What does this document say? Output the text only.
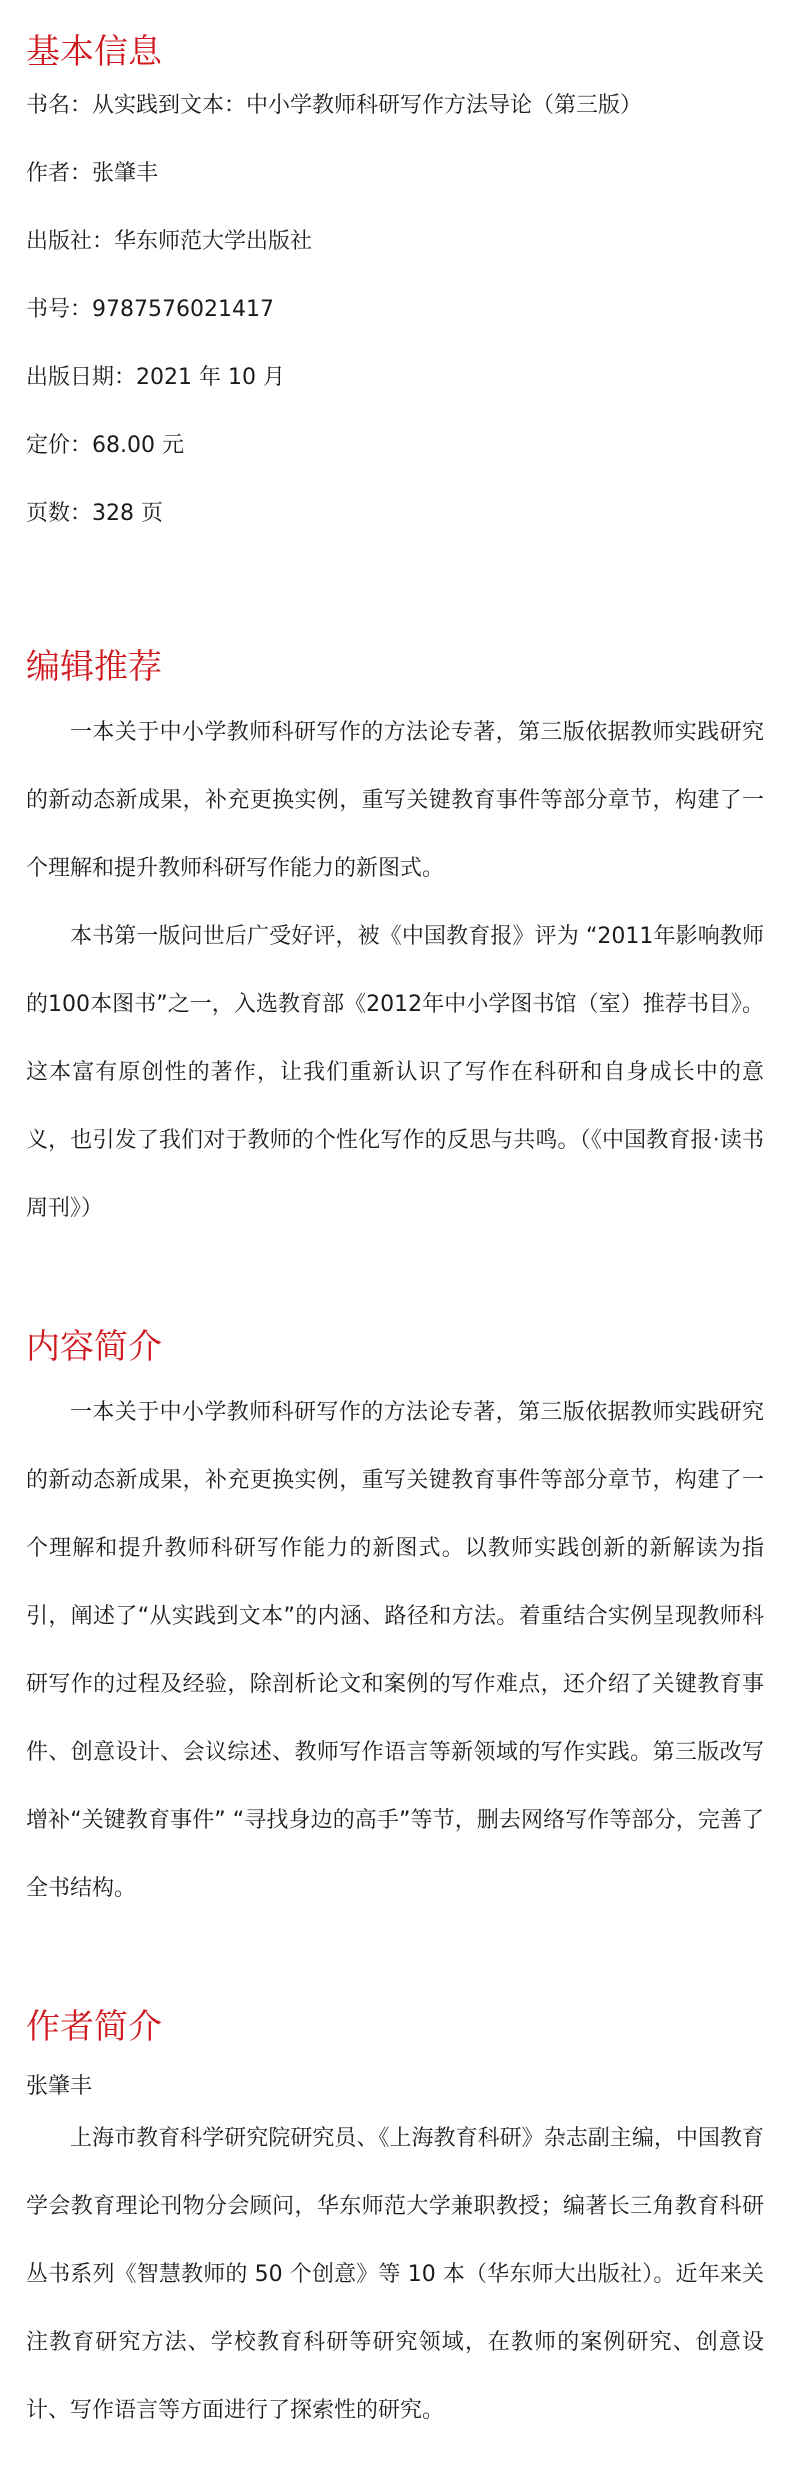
基本信息

书名：从实践到文本：中小学教师科研写作方法导论（第三版）

作者：张肇丰

出版社：华东师范大学出版社

书号：9787576021417

出版日期：2021 年 10 月

定价：68.00 元

页数：328 页

编辑推荐

一本关于中小学教师科研写作的方法论专著，第三版依据教师实践研究的新动态新成果，补充更换实例，重写关键教育事件等部分章节，构建了一个理解和提升教师科研写作能力的新图式。

本书第一版问世后广受好评，被《中国教育报》评为 “2011年影响教师的100本图书”之一，入选教育部《2012年中小学图书馆（室）推荐书目》。 这本富有原创性的著作，让我们重新认识了写作在科研和自身成长中的意义，也引发了我们对于教师的个性化写作的反思与共鸣。（《中国教育报·读书周刊》）

内容简介

一本关于中小学教师科研写作的方法论专著，第三版依据教师实践研究的新动态新成果，补充更换实例，重写关键教育事件等部分章节，构建了一个理解和提升教师科研写作能力的新图式。以教师实践创新的新解读为指引，阐述了“从实践到文本”的内涵、路径和方法。着重结合实例呈现教师科研写作的过程及经验，除剖析论文和案例的写作难点，还介绍了关键教育事件、创意设计、会议综述、教师写作语言等新领域的写作实践。第三版改写增补“关键教育事件” “寻找身边的高手”等节，删去网络写作等部分，完善了全书结构。

作者简介

张肇丰

上海市教育科学研究院研究员、《上海教育科研》杂志副主编，中国教育学会教育理论刊物分会顾问，华东师范大学兼职教授；编著长三角教育科研丛书系列《智慧教师的 50 个创意》等 10 本（华东师大出版社）。近年来关注教育研究方法、学校教育科研等研究领域，在教师的案例研究、创意设计、写作语言等方面进行了探索性的研究。
